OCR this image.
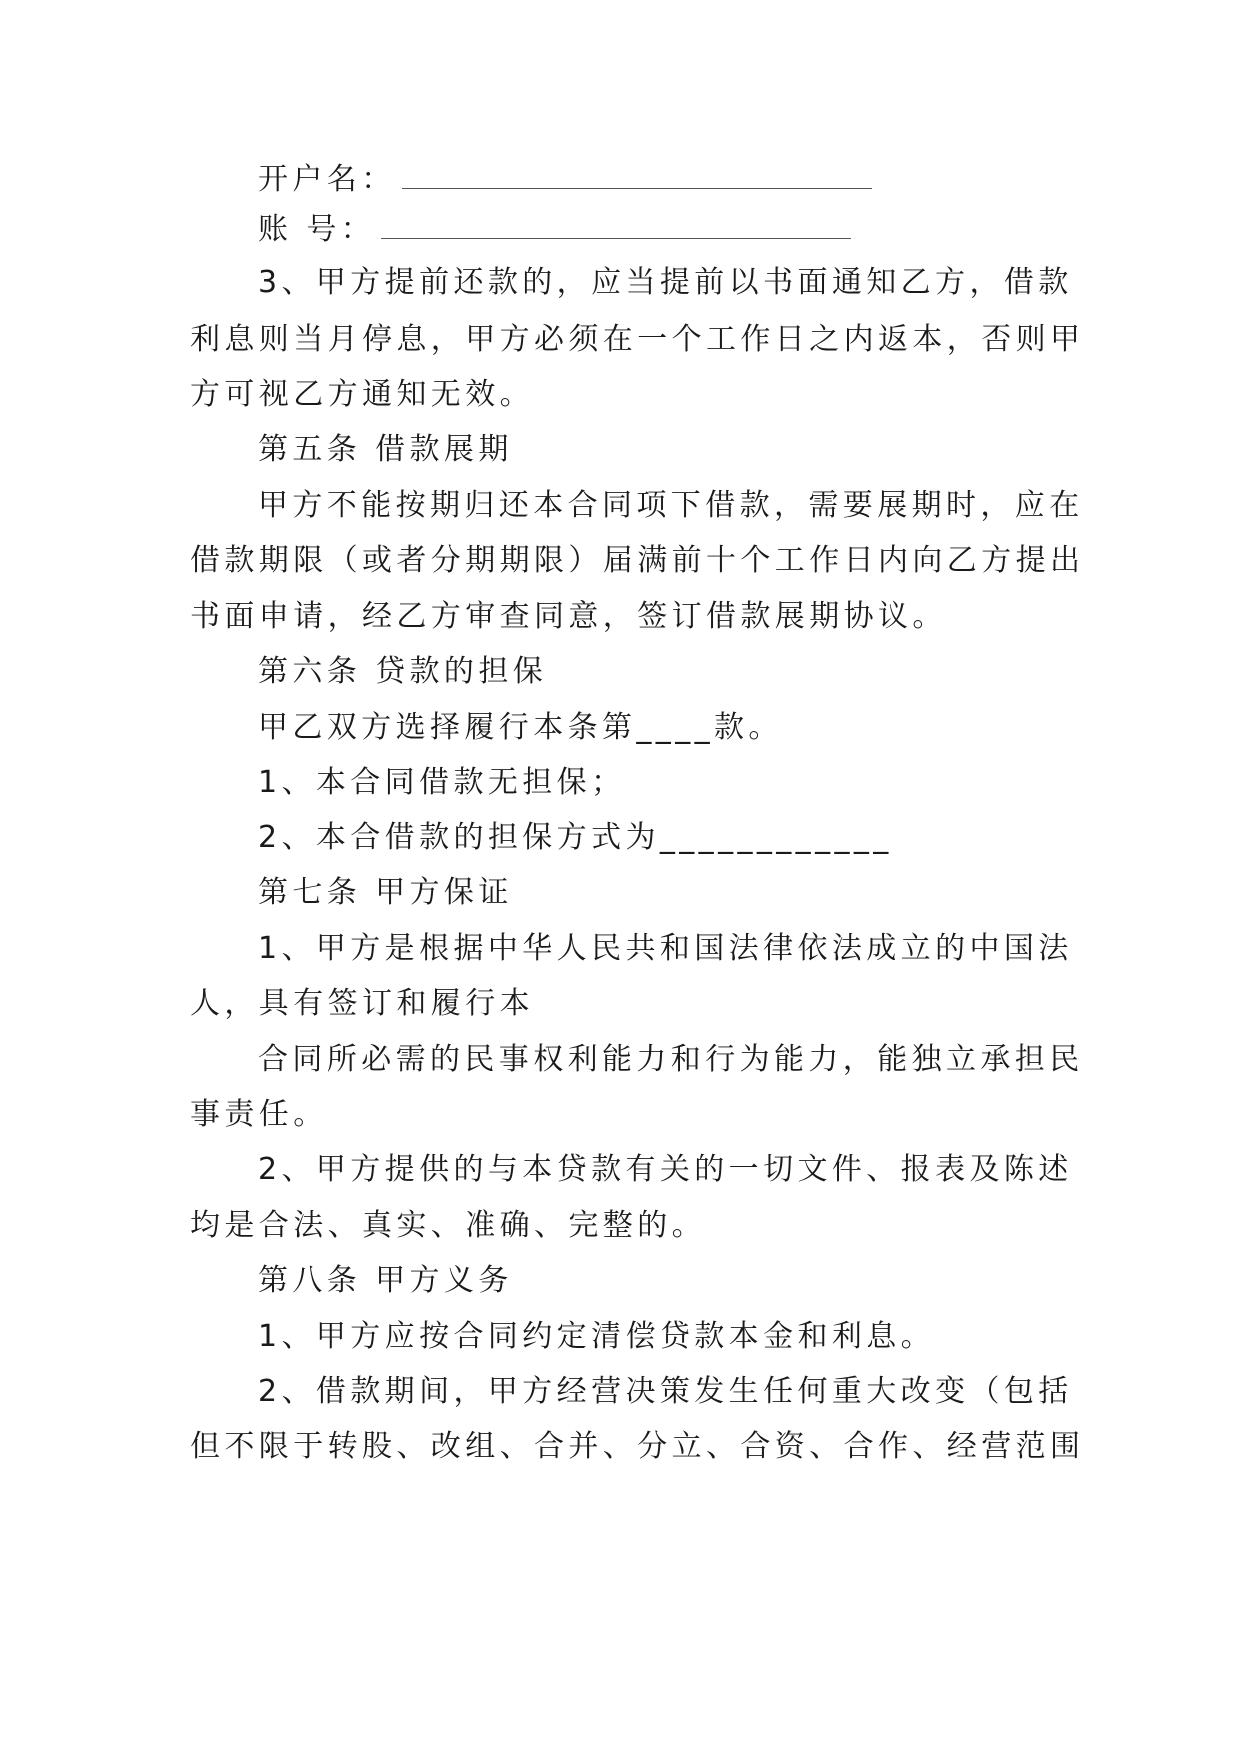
开户名：
账 号：
3、甲方提前还款的，应当提前以书面通知乙方，借款
利息则当月停息，甲方必须在一个工作日之内返本，否则甲
方可视乙方通知无效。
第五条 借款展期
甲方不能按期归还本合同项下借款，需要展期时，应在
借款期限（或者分期期限）届满前十个工作日内向乙方提出
书面申请，经乙方审查同意，签订借款展期协议。
第六条 贷款的担保
甲乙双方选择履行本条第____款。
1、本合同借款无担保；
2、本合借款的担保方式为____________
第七条 甲方保证
1、甲方是根据中华人民共和国法律依法成立的中国法
人，具有签订和履行本
合同所必需的民事权利能力和行为能力，能独立承担民
事责任。
2、甲方提供的与本贷款有关的一切文件、报表及陈述
均是合法、真实、准确、完整的。
第八条 甲方义务
1、甲方应按合同约定清偿贷款本金和利息。
2、借款期间，甲方经营决策发生任何重大改变（包括
但不限于转股、改组、合并、分立、合资、合作、经营范围
